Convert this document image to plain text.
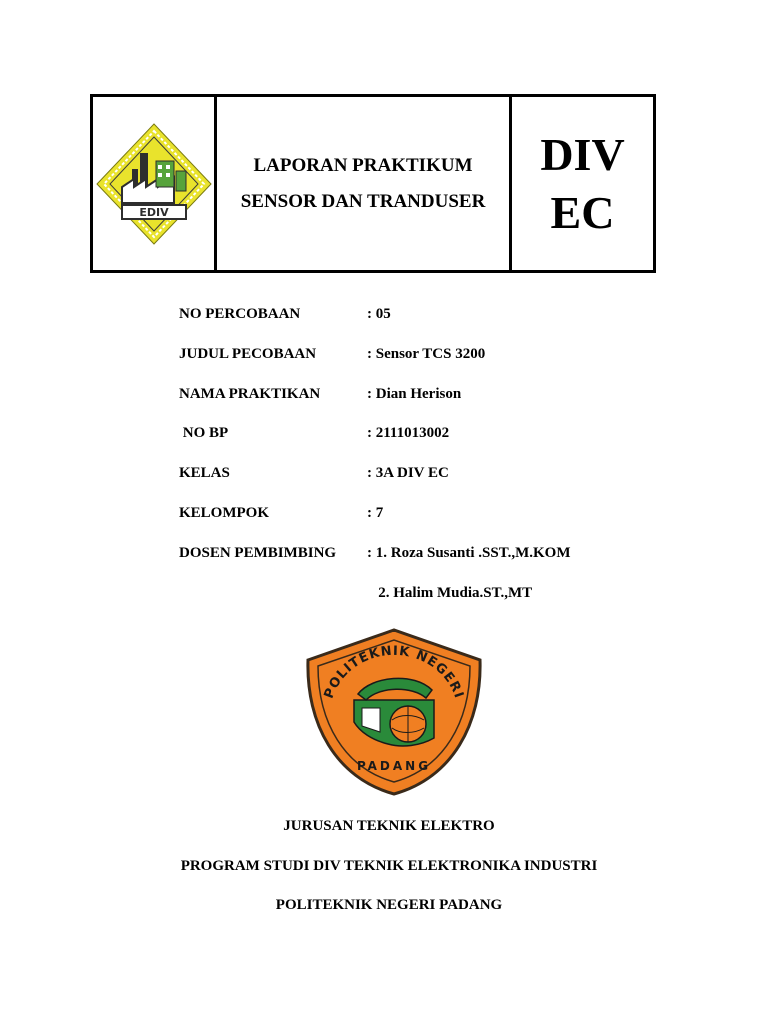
EDIV
LAPORAN PRAKTIKUM
SENSOR DAN TRANDUSER
DIV
EC
NO PERCOBAAN	: 05
JUDUL PECOBAAN	: Sensor TCS 3200
NAMA PRAKTIKAN	: Dian Herison
NO BP	: 2111013002
KELAS	: 3A DIV EC
KELOMPOK	: 7
DOSEN PEMBIMBING : 1. Roza Susanti .SST.,M.KOM
2. Halim Mudia.ST.,MT
POLITEKNIK NEGERI
PADANG
JURUSAN TEKNIK ELEKTRO
PROGRAM STUDI DIV TEKNIK ELEKTRONIKA INDUSTRI
POLITEKNIK NEGERI PADANG
